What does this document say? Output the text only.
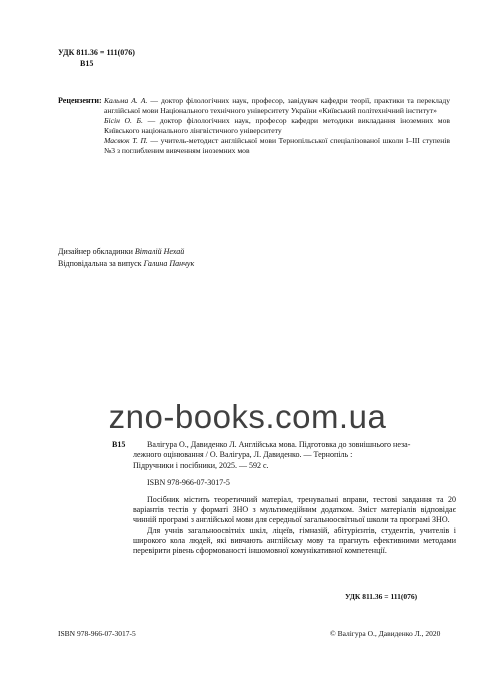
УДК 811.36 = 111(076)
В15
Рецензенти: Кальма А. А. — доктор філологічних наук, професор, завідувач кафедри теорії, практики та перекладу англійської мови Національного технічного університету України «Київський політехнічний інститут»
Бісін О. Б. — доктор філологічних наук, професор кафедри методики викладання іноземних мов Київського національного лінгвістичного університету
Масвюк Т. П. — учитель-методист англійської мови Тернопільської спеціалізованої школи І–ІІІ ступенів №3 з поглибленим вивченням іноземних мов
Дизайнер обкладинки Віталій Нехай
Відповідальна за випуск Галина Панчук
В15	Валігура О., Давиденко Л. Англійська мова. Підготовка до зовнішнього неза-
лежного оцінювання / О. Валігура, Л. Давиденко. — Тернопіль :
Підручники і посібники, 2025. — 592 с.
zno-books.com.ua
ISBN 978-966-07-3017-5

Посібник містить теоретичний матеріал, тренувальні вправи, тестові завдання та 20 варіантів тестів у форматі ЗНО з мультимедійним додатком. Зміст матеріалів відповідає чинній програмі з англійської мови для середньої загальноосвітньої школи та програмі ЗНО.

Для учнів загальноосвітніх шкіл, ліцеїв, гімназій, абітурієнтів, студентів, учителів і широкого кола людей, які вивчають англійську мову та прагнуть ефективними методами перевірити рівень сформованості іншомовної комунікативної компетенції.

УДК 811.36 = 111(076)
ISBN 978-966-07-3017-5	© Валігура О., Давиденко Л., 2020
